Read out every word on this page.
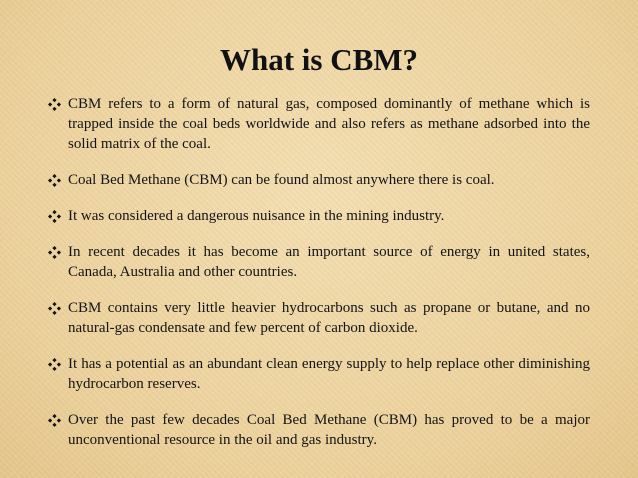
What is CBM?
CBM refers to a form of natural gas, composed dominantly of methane which is trapped inside the coal beds worldwide and also refers as methane adsorbed into the solid matrix of the coal.
Coal Bed Methane (CBM) can be found almost anywhere there is coal.
It was considered a dangerous nuisance in the mining industry.
In recent decades it has become an important source of energy in united states, Canada, Australia and other countries.
CBM contains very little heavier hydrocarbons such as propane or butane, and no natural-gas condensate and few percent of carbon dioxide.
It has a potential as an abundant clean energy supply to help replace other diminishing hydrocarbon reserves.
Over the past few decades Coal Bed Methane (CBM) has proved to be a major unconventional resource in the oil and gas industry.
